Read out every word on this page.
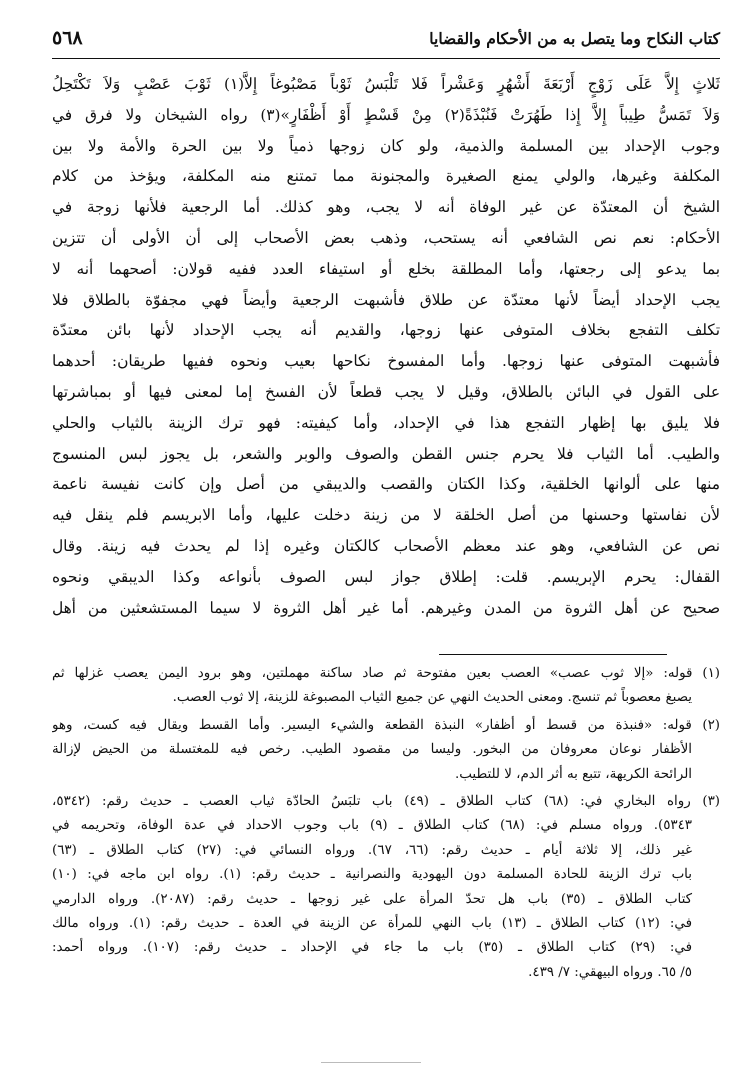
كتاب النكاح وما يتصل به من الأحكام والقضايا
٥٦٨
ثَلاثٍ إِلاَّ عَلَى زَوْجٍ أَرْبَعَةَ أَشْهُرٍ وَعَشْراً فَلا تَلْبَسُ ثَوْباً مَصْبُوغاً إِلاَّ(١) ثَوْبَ عَصْبٍ وَلاَ تَكْتَحِلُ
وَلاَ تَمَسُّ طِيباً إِلاَّ إِذا طَهُرَتْ فَنُبْذَةً(٢) مِنْ قَسْطٍ أَوْ أَظْفَارٍ»(٣) رواه الشيخان ولا فرق في
وجوب الإحداد بين المسلمة والذمية، ولو كان زوجها ذمياً ولا بين الحرة والأمة ولا بين
المكلفة وغيرها، والولي يمنع الصغيرة والمجنونة مما تمتنع منه المكلفة، ويؤخذ من كلام
الشيخ أن المعتدّة عن غير الوفاة أنه لا يجب، وهو كذلك. أما الرجعية فلأنها زوجة في
الأحكام: نعم نص الشافعي أنه يستحب، وذهب بعض الأصحاب إلى أن الأولى أن تتزين
بما يدعو إلى رجعتها، وأما المطلقة بخلع أو استيفاء العدد ففيه قولان: أصحهما أنه لا
يجب الإحداد أيضاً لأنها معتدّة عن طلاق فأشبهت الرجعية وأيضاً فهي مجفوّة بالطلاق فلا
تكلف التفجع بخلاف المتوفى عنها زوجها، والقديم أنه يجب الإحداد لأنها بائن معتدّة
فأشبهت المتوفى عنها زوجها. وأما المفسوخ نكاحها بعيب ونحوه ففيها طريقان: أحدهما
على القول في البائن بالطلاق، وقيل لا يجب قطعاً لأن الفسخ إما لمعنى فيها أو بمباشرتها
فلا يليق بها إظهار التفجع هذا في الإحداد، وأما كيفيته: فهو ترك الزينة بالثياب والحلي
والطيب. أما الثياب فلا يحرم جنس القطن والصوف والوبر والشعر، بل يجوز لبس المنسوج
منها على ألوانها الخلقية، وكذا الكتان والقصب والديبقي من أصل وإن كانت نفيسة ناعمة
لأن نفاستها وحسنها من أصل الخلقة لا من زينة دخلت عليها، وأما الابريسم فلم ينقل فيه
نص عن الشافعي، وهو عند معظم الأصحاب كالكتان وغيره إذا لم يحدث فيه زينة. وقال
القفال: يحرم الإبريسم. قلت: إطلاق جواز لبس الصوف بأنواعه وكذا الديبقي ونحوه
صحيح عن أهل الثروة من المدن وغيرهم. أما غير أهل الثروة لا سيما المستشعثين من أهل
(١) قوله: «إلا ثوب عصب» العصب بعين مفتوحة ثم صاد ساكنة مهملتين، وهو برود اليمن يعصب غزلها ثم
يصبغ معصوباً ثم تنسج. ومعنى الحديث النهي عن جميع الثياب المصبوغة للزينة، إلا ثوب العصب.
(٢) قوله: «فنبذة من قسط أو أظفار» النبذة القطعة والشيء اليسير. وأما القسط ويقال فيه كست، وهو
الأظفار نوعان معروفان من البخور. وليسا من مقصود الطيب. رخص فيه للمغتسلة من الحيض لإزالة
الرائحة الكريهة، تتبع به أثر الدم، لا للتطيب.
(٣) رواه البخاري في: (٦٨) كتاب الطلاق ـ (٤٩) باب تلبَسُ الحادّة ثياب العصب ـ حديث رقم: (٥٣٤٢،
٥٣٤٣). ورواه مسلم في: (٦٨) كتاب الطلاق ـ (٩) باب وجوب الاحداد في عدة الوفاة، وتحريمه في
غير ذلك، إلا ثلاثة أيام ـ حديث رقم: (٦٦، ٦٧). ورواه النسائي في: (٢٧) كتاب الطلاق ـ (٦٣)
باب ترك الزينة للحادة المسلمة دون اليهودية والنصرانية ـ حديث رقم: (١). رواه ابن ماجه في: (١٠)
كتاب الطلاق ـ (٣٥) باب هل تحدّ المرأة على غير زوجها ـ حديث رقم: (٢٠٨٧). ورواه الدارمي
في: (١٢) كتاب الطلاق ـ (١٣) باب النهي للمرأة عن الزينة في العدة ـ حديث رقم: (١). ورواه مالك
في: (٢٩) كتاب الطلاق ـ (٣٥) باب ما جاء في الإحداد ـ حديث رقم: (١٠٧). ورواه أحمد:
٥/ ٦٥. ورواه البيهقي: ٧/ ٤٣٩.
